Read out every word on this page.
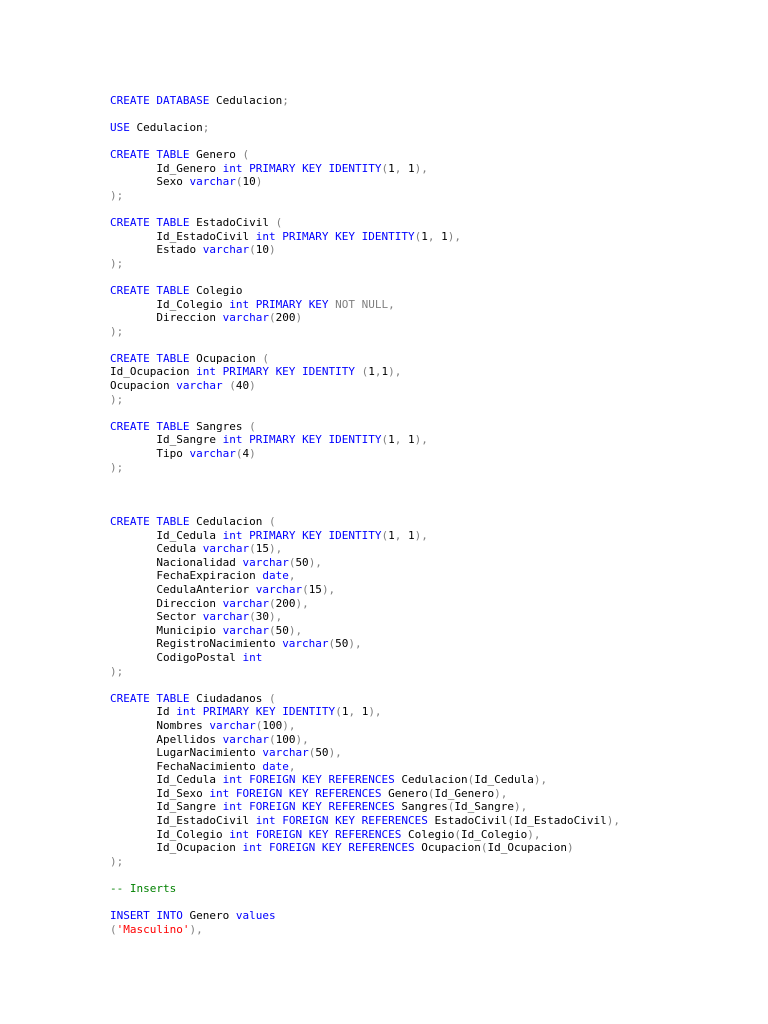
CREATE DATABASE Cedulacion;

USE Cedulacion;

CREATE TABLE Genero (
Id_Genero int PRIMARY KEY IDENTITY(1, 1),
Sexo varchar(10)
);

CREATE TABLE EstadoCivil (
Id_EstadoCivil int PRIMARY KEY IDENTITY(1, 1),
Estado varchar(10)
);

CREATE TABLE Colegio
Id_Colegio int PRIMARY KEY NOT NULL,
Direccion varchar(200)
);

CREATE TABLE Ocupacion (
Id_Ocupacion int PRIMARY KEY IDENTITY (1,1),
Ocupacion varchar (40)
);

CREATE TABLE Sangres (
Id_Sangre int PRIMARY KEY IDENTITY(1, 1),
Tipo varchar(4)
);

CREATE TABLE Cedulacion (
Id_Cedula int PRIMARY KEY IDENTITY(1, 1),
Cedula varchar(15),
Nacionalidad varchar(50),
FechaExpiracion date,
CedulaAnterior varchar(15),
Direccion varchar(200),
Sector varchar(30),
Municipio varchar(50),
RegistroNacimiento varchar(50),
CodigoPostal int
);

CREATE TABLE Ciudadanos (
Id int PRIMARY KEY IDENTITY(1, 1),
Nombres varchar(100),
Apellidos varchar(100),
LugarNacimiento varchar(50),
FechaNacimiento date,
Id_Cedula int FOREIGN KEY REFERENCES Cedulacion(Id_Cedula),
Id_Sexo int FOREIGN KEY REFERENCES Genero(Id_Genero),
Id_Sangre int FOREIGN KEY REFERENCES Sangres(Id_Sangre),
Id_EstadoCivil int FOREIGN KEY REFERENCES EstadoCivil(Id_EstadoCivil),
Id_Colegio int FOREIGN KEY REFERENCES Colegio(Id_Colegio),
Id_Ocupacion int FOREIGN KEY REFERENCES Ocupacion(Id_Ocupacion)
);

-- Inserts

INSERT INTO Genero values
('Masculino'),
